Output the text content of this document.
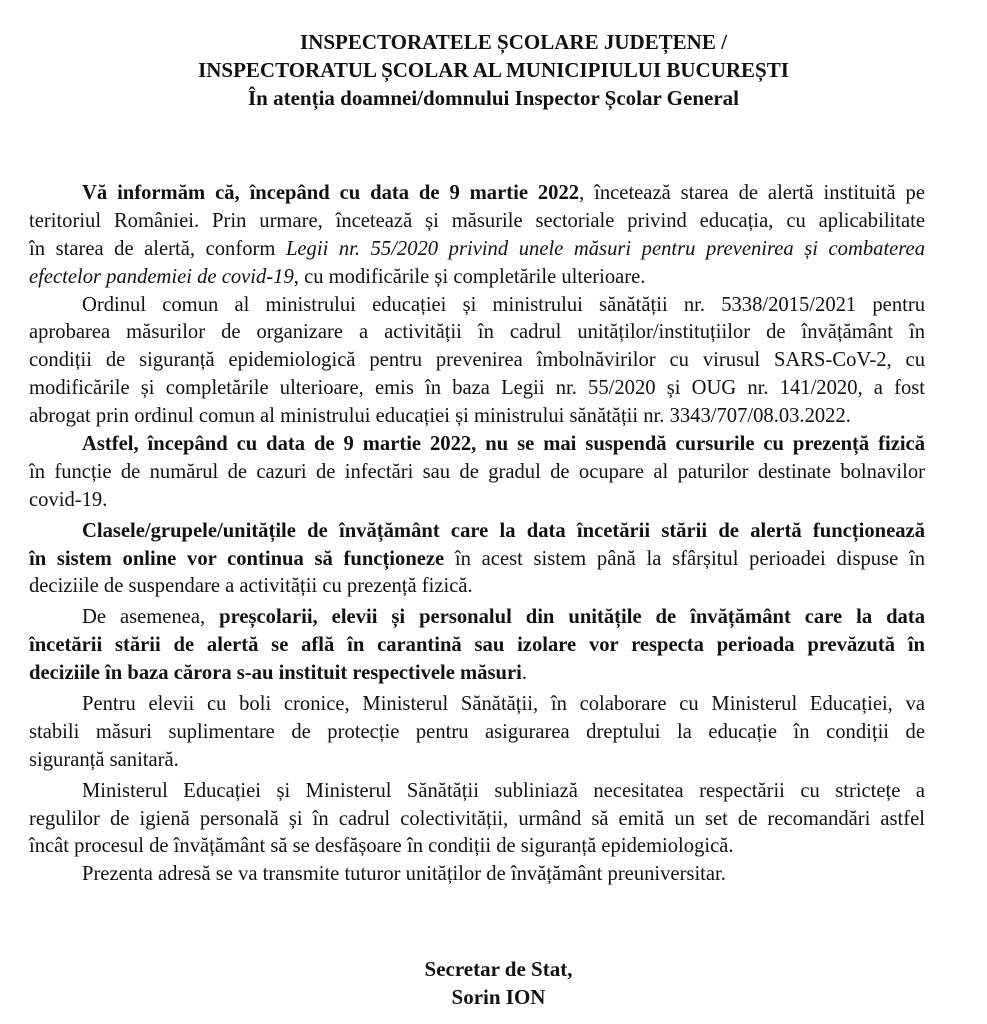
INSPECTORATELE ȘCOLARE JUDEȚENE /
INSPECTORATUL ȘCOLAR AL MUNICIPIULUI BUCUREȘTI
În atenția doamnei/domnului Inspector Școlar General
Vă informăm că, începând cu data de 9 martie 2022, încetează starea de alertă instituită pe
teritoriul României. Prin urmare, încetează și măsurile sectoriale privind educația, cu aplicabilitate
în starea de alertă, conform Legii nr. 55/2020 privind unele măsuri pentru prevenirea și combaterea
efectelor pandemiei de covid-19, cu modificările și completările ulterioare.
Ordinul comun al ministrului educației și ministrului sănătății nr. 5338/2015/2021 pentru
aprobarea măsurilor de organizare a activității în cadrul unităților/instituțiilor de învățământ în
condiții de siguranță epidemiologică pentru prevenirea îmbolnăvirilor cu virusul SARS-CoV-2, cu
modificările și completările ulterioare, emis în baza Legii nr. 55/2020 și OUG nr. 141/2020, a fost
abrogat prin ordinul comun al ministrului educației și ministrului sănătății nr. 3343/707/08.03.2022.
Astfel, începând cu data de 9 martie 2022, nu se mai suspendă cursurile cu prezență fizică
în funcție de numărul de cazuri de infectări sau de gradul de ocupare al paturilor destinate bolnavilor
covid-19.
Clasele/grupele/unitățile de învățământ care la data încetării stării de alertă funcționează
în sistem online vor continua să funcționeze în acest sistem până la sfârșitul perioadei dispuse în
deciziile de suspendare a activității cu prezență fizică.
De asemenea, preșcolarii, elevii și personalul din unitățile de învățământ care la data
încetării stării de alertă se află în carantină sau izolare vor respecta perioada prevăzută în
deciziile în baza cărora s-au instituit respectivele măsuri.
Pentru elevii cu boli cronice, Ministerul Sănătății, în colaborare cu Ministerul Educației, va
stabili măsuri suplimentare de protecție pentru asigurarea dreptului la educație în condiții de
siguranță sanitară.
Ministerul Educației și Ministerul Sănătății subliniază necesitatea respectării cu strictețe a
regulilor de igienă personală și în cadrul colectivității, urmând să emită un set de recomandări astfel
încât procesul de învățământ să se desfășoare în condiții de siguranță epidemiologică.
Prezenta adresă se va transmite tuturor unităților de învățământ preuniversitar.
Secretar de Stat,
Sorin ION
